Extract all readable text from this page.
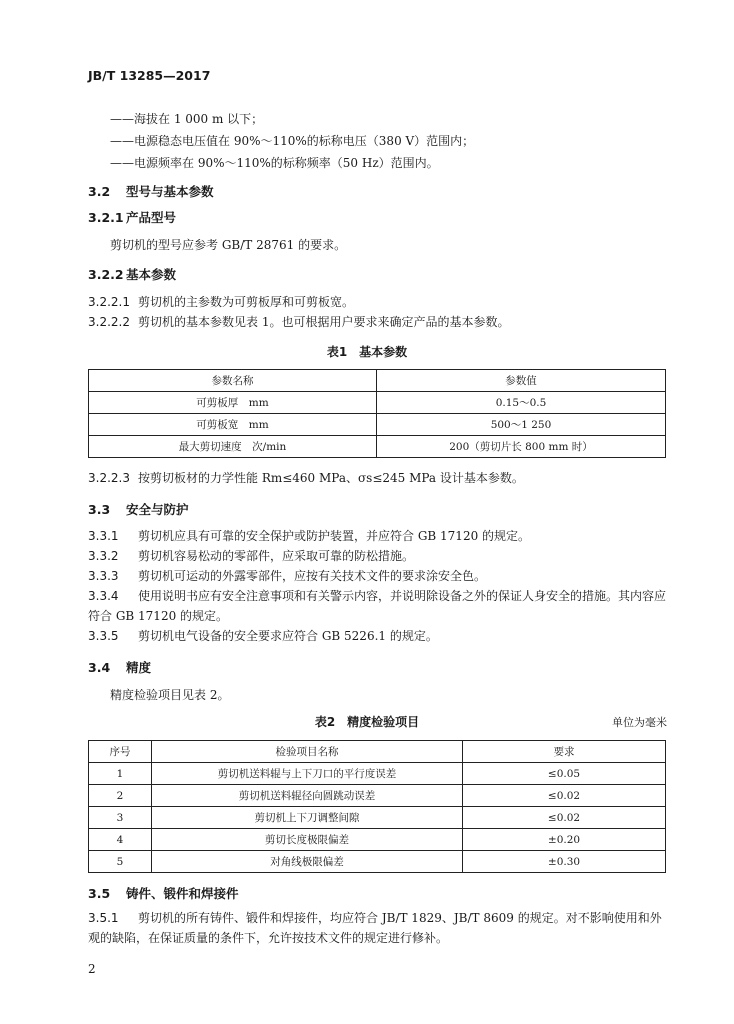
JB/T 13285—2017
——海拔在 1 000 m 以下；
——电源稳态电压值在 90%～110%的标称电压（380 V）范围内；
——电源频率在 90%～110%的标称频率（50 Hz）范围内。
3.2 型号与基本参数
3.2.1 产品型号
剪切机的型号应参考 GB/T 28761 的要求。
3.2.2 基本参数
3.2.2.1 剪切机的主参数为可剪板厚和可剪板宽。
3.2.2.2 剪切机的基本参数见表 1。也可根据用户要求来确定产品的基本参数。
表1　基本参数
参数名称	参数值
可剪板厚　mm	0.15～0.5
可剪板宽　mm	500～1 250
最大剪切速度　次/min	200（剪切片长 800 mm 时）
3.2.2.3 按剪切板材的力学性能 Rm≤460 MPa、σs≤245 MPa 设计基本参数。
3.3 安全与防护
3.3.1 剪切机应具有可靠的安全保护或防护装置，并应符合 GB 17120 的规定。
3.3.2 剪切机容易松动的零部件，应采取可靠的防松措施。
3.3.3 剪切机可运动的外露零部件，应按有关技术文件的要求涂安全色。
3.3.4 使用说明书应有安全注意事项和有关警示内容，并说明除设备之外的保证人身安全的措施。其内容应符合 GB 17120 的规定。
3.3.5 剪切机电气设备的安全要求应符合 GB 5226.1 的规定。
3.4 精度
精度检验项目见表 2。
表2　精度检验项目	单位为毫米
序号	检验项目名称	要求
1	剪切机送料辊与上下刀口的平行度误差	≤0.05
2	剪切机送料辊径向圆跳动误差	≤0.02
3	剪切机上下刀调整间隙	≤0.02
4	剪切长度极限偏差	±0.20
5	对角线极限偏差	±0.30
3.5 铸件、锻件和焊接件
3.5.1 剪切机的所有铸件、锻件和焊接件，均应符合 JB/T 1829、JB/T 8609 的规定。对不影响使用和外观的缺陷，在保证质量的条件下，允许按技术文件的规定进行修补。
2
